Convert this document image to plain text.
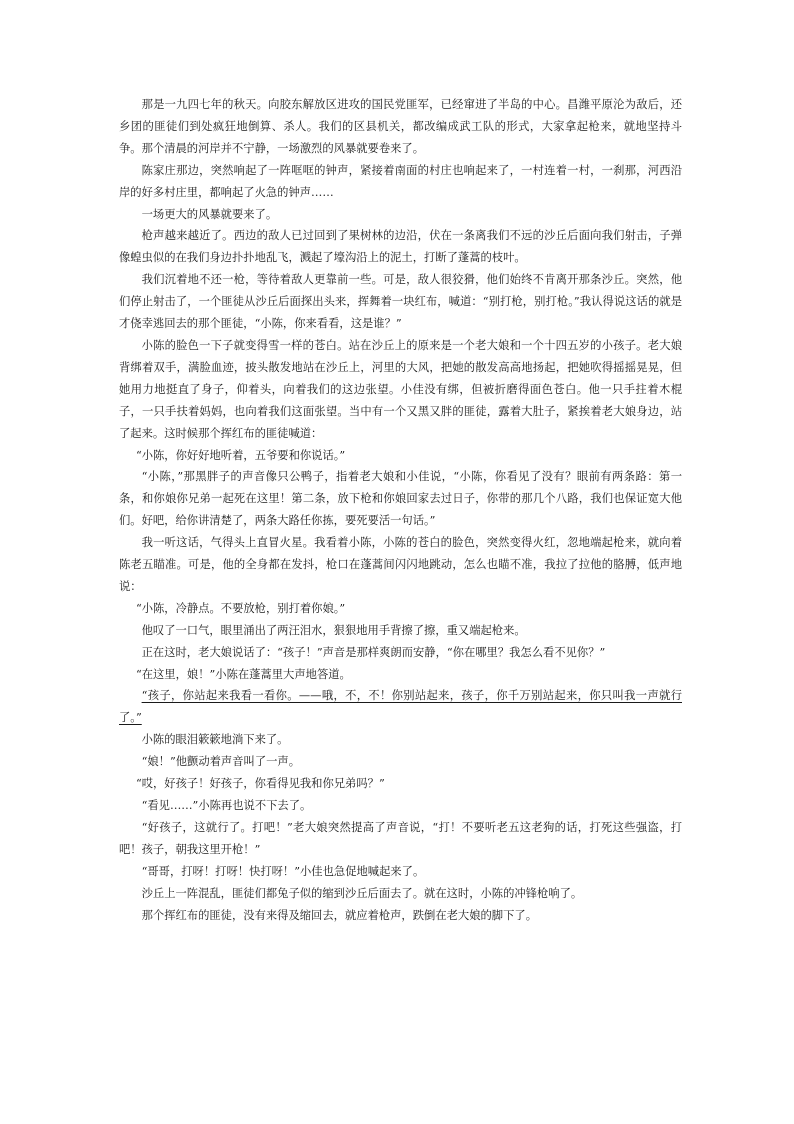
那是一九四七年的秋天。向胶东解放区进攻的国民党匪军，已经窜进了半岛的中心。昌潍平原沦为敌后，还乡团的匪徒们到处疯狂地倒算、杀人。我们的区县机关，都改编成武工队的形式，大家拿起枪来，就地坚持斗争。那个清晨的河岸并不宁静，一场激烈的风暴就要卷来了。

陈家庄那边，突然响起了一阵哐哐的钟声，紧接着南面的村庄也响起来了，一村连着一村，一刹那，河西沿岸的好多村庄里，都响起了火急的钟声……

一场更大的风暴就要来了。

枪声越来越近了。西边的敌人已过回到了果树林的边沿，伏在一条离我们不远的沙丘后面向我们射击，子弹像蝗虫似的在我们身边扑扑地乱飞，溅起了壕沟沿上的泥土，打断了蓬蒿的枝叶。

我们沉着地不还一枪，等待着敌人更靠前一些。可是，敌人很狡猾，他们始终不肯离开那条沙丘。突然，他们停止射击了，一个匪徒从沙丘后面探出头来，挥舞着一块红布，喊道：“别打枪，别打枪。”我认得说这话的就是才侥幸逃回去的那个匪徒，“小陈，你来看看，这是谁？”

小陈的脸色一下子就变得雪一样的苍白。站在沙丘上的原来是一个老大娘和一个十四五岁的小孩子。老大娘背绑着双手，满脸血迹，披头散发地站在沙丘上，河里的大风，把她的散发高高地扬起，把她吹得摇摇晃晃，但她用力地挺直了身子，仰着头，向着我们的这边张望。小佳没有绑，但被折磨得面色苍白。他一只手拄着木棍子，一只手扶着妈妈，也向着我们这面张望。当中有一个又黑又胖的匪徒，露着大肚子，紧挨着老大娘身边，站了起来。这时候那个挥红布的匪徒喊道：

“小陈，你好好地听着，五爷要和你说话。”

“小陈，”那黑胖子的声音像只公鸭子，指着老大娘和小佳说，“小陈，你看见了没有？眼前有两条路：第一条，和你娘你兄弟一起死在这里！第二条，放下枪和你娘回家去过日子，你带的那几个八路，我们也保证宽大他们。好吧，给你讲清楚了，两条大路任你拣，要死要活一句话。”

我一听这话，气得头上直冒火星。我看着小陈，小陈的苍白的脸色，突然变得火红，忽地端起枪来，就向着陈老五瞄准。可是，他的全身都在发抖，枪口在蓬蒿间闪闪地跳动，怎么也瞄不准，我拉了拉他的胳膊，低声地说：

“小陈，冷静点。不要放枪，别打着你娘。”

他叹了一口气，眼里涌出了两汪泪水，狠狠地用手背擦了擦，重又端起枪来。

正在这时，老大娘说话了：“孩子！”声音是那样爽朗而安静，“你在哪里？我怎么看不见你？”

“在这里，娘！”小陈在蓬蒿里大声地答道。

“孩子，你站起来我看一看你。——哦，不，不！你别站起来，孩子，你千万别站起来，你只叫我一声就行了。”

小陈的眼泪簌簌地淌下来了。

“娘！”他颤动着声音叫了一声。

“哎，好孩子！好孩子，你看得见我和你兄弟吗？”

“看见……”小陈再也说不下去了。

“好孩子，这就行了。打吧！”老大娘突然提高了声音说，“打！不要听老五这老狗的话，打死这些强盗，打吧！孩子，朝我这里开枪！”

“哥哥，打呀！打呀！快打呀！”小佳也急促地喊起来了。

沙丘上一阵混乱，匪徒们都兔子似的缩到沙丘后面去了。就在这时，小陈的冲锋枪响了。

那个挥红布的匪徒，没有来得及缩回去，就应着枪声，跌倒在老大娘的脚下了。
